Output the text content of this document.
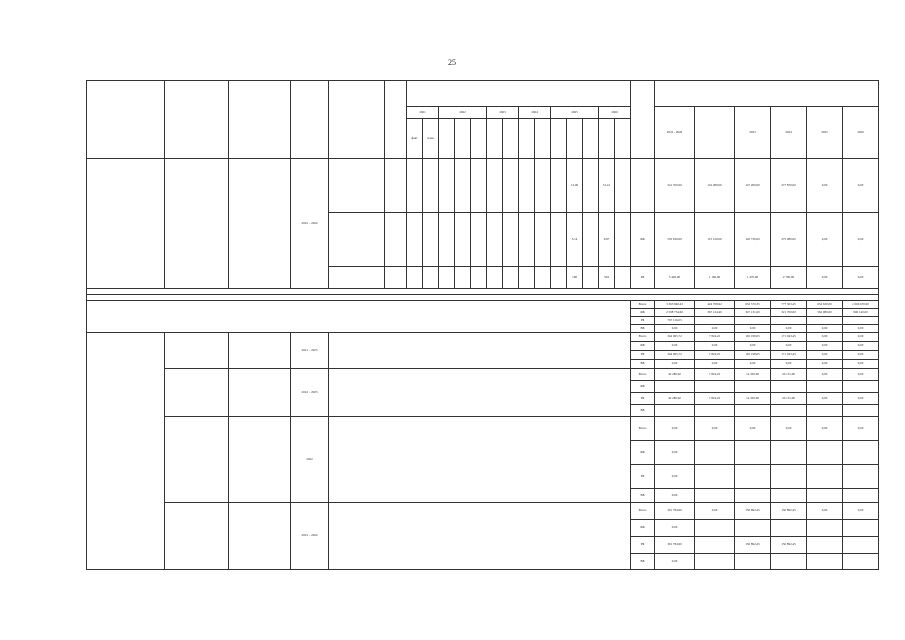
25

						2021		2022			2023		2024		2025			2026			2022 - 2026		2023	2024	2025	2026
						факт	план																			
			2022 – 2024													12,06		51,41			541 350,00	116 280,00	147 200,00	277 870,00	0,00	0,00
																3,14		9,87		ФБ	535 930,00	115 120,00	145 730,00	275 080,00	0,00	0,00
																168		504		РБ	5 420,00	1 160,00	1 470,00	2 790,00	0,00	0,00

																				Всего	3 363 840,43	424 708,92	652 570,35	777 303,45	654 630,00	1 066 670,00
																				ФБ	2 598 734,60	367 124,40	347 131,00	321 700,00	562 980,00	906 140,00
																				РБ	767 116,03					
																				ВБ	0,00	0,00	0,00	0,00	0,00	0,00
			2021 – 2023																	Всего	344 065,72	7 824,22	165 198,05	171 043,45	0,00	0,00
																				ФБ	0,00	0,00	0,00	0,00	0,00	0,00
																				РБ	344 065,72	7 824,22	165 198,05	171 043,45	0,00	0,00
																				ВБ	0,00	0,00	0,00	0,00	0,00	0,00
			2022 – 2023																	Всего	42 280,92	7 824,22	14 305,60	20 151,00	0,00	0,00
																				ФБ						
																				РБ	42 280,92	7 824,22	14 305,60	20 151,00	0,00	0,00
																				ВБ						
			2022																	Всего	0,00	0,00	0,00	0,00	0,00	0,00
																				ФБ	0,00					
																				РБ	0,00					
																				ВБ	0,00					
			2023 – 2024																	Всего	301 784,90	0,00	150 892,45	150 892,45	0,00	0,00
																				ФБ	0,00					
																				РБ	301 784,90		150 892,45	150 892,45		
																				ВБ	0,00					
